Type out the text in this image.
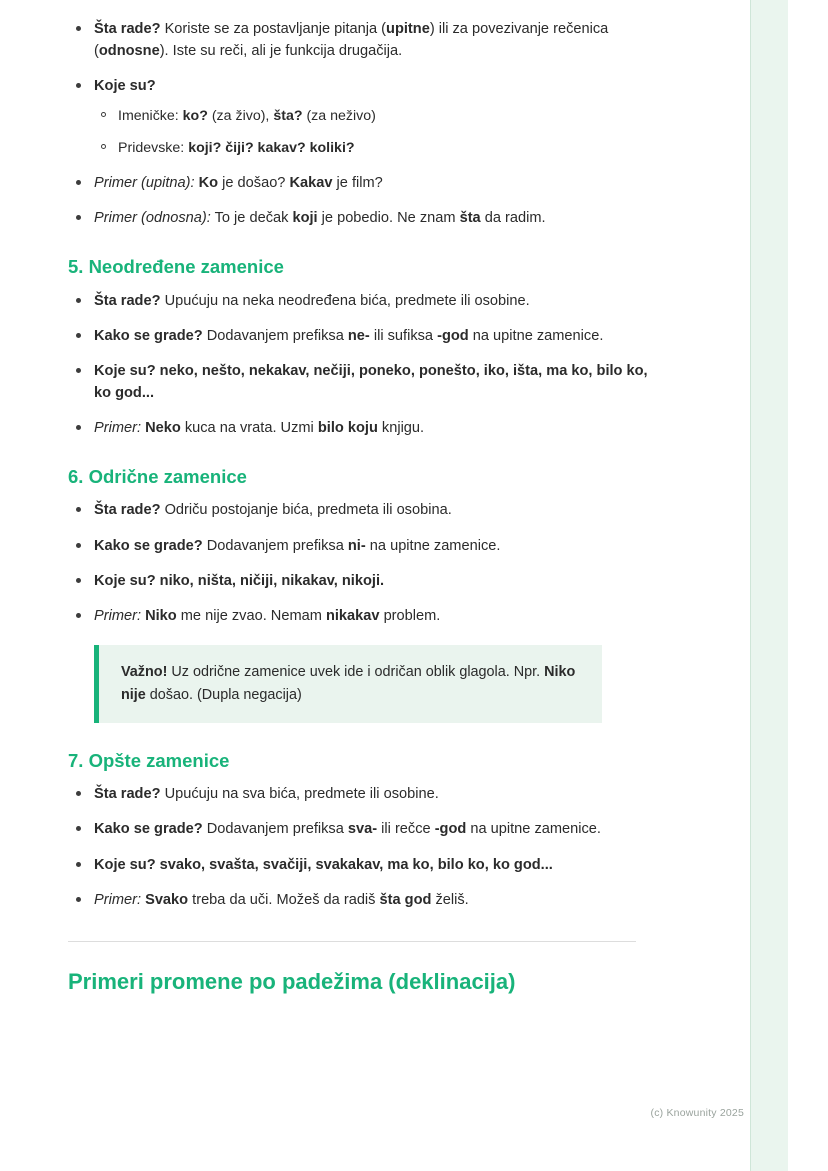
Šta rade? Koriste se za postavljanje pitanja (upitne) ili za povezivanje rečenica (odnosne). Iste su reči, ali je funkcija drugačija.
Koje su?
Imeničke: ko? (za živo), šta? (za neživo)
Pridevske: koji? čiji? kakav? koliki?
Primer (upitna): Ko je došao? Kakav je film?
Primer (odnosna): To je dečak koji je pobedio. Ne znam šta da radim.
5. Neodređene zamenice
Šta rade? Upućuju na neka neodređena bića, predmete ili osobine.
Kako se grade? Dodavanjem prefiksa ne- ili sufiksa -god na upitne zamenice.
Koje su? neko, nešto, nekakav, nečiji, poneko, ponešto, iko, išta, ma ko, bilo ko, ko god...
Primer: Neko kuca na vrata. Uzmi bilo koju knjigu.
6. Odrične zamenice
Šta rade? Odriču postojanje bića, predmeta ili osobina.
Kako se grade? Dodavanjem prefiksa ni- na upitne zamenice.
Koje su? niko, ništa, ničiji, nikakav, nikoji.
Primer: Niko me nije zvao. Nemam nikakav problem.
Važno! Uz odrične zamenice uvek ide i odričan oblik glagola. Npr. Niko nije došao. (Dupla negacija)
7. Opšte zamenice
Šta rade? Upućuju na sva bića, predmete ili osobine.
Kako se grade? Dodavanjem prefiksa sva- ili rečce -god na upitne zamenice.
Koje su? svako, svašta, svačiji, svakakav, ma ko, bilo ko, ko god...
Primer: Svako treba da uči. Možeš da radiš šta god želiš.
Primeri promene po padežima (deklinacija)
(c) Knowunity 2025
